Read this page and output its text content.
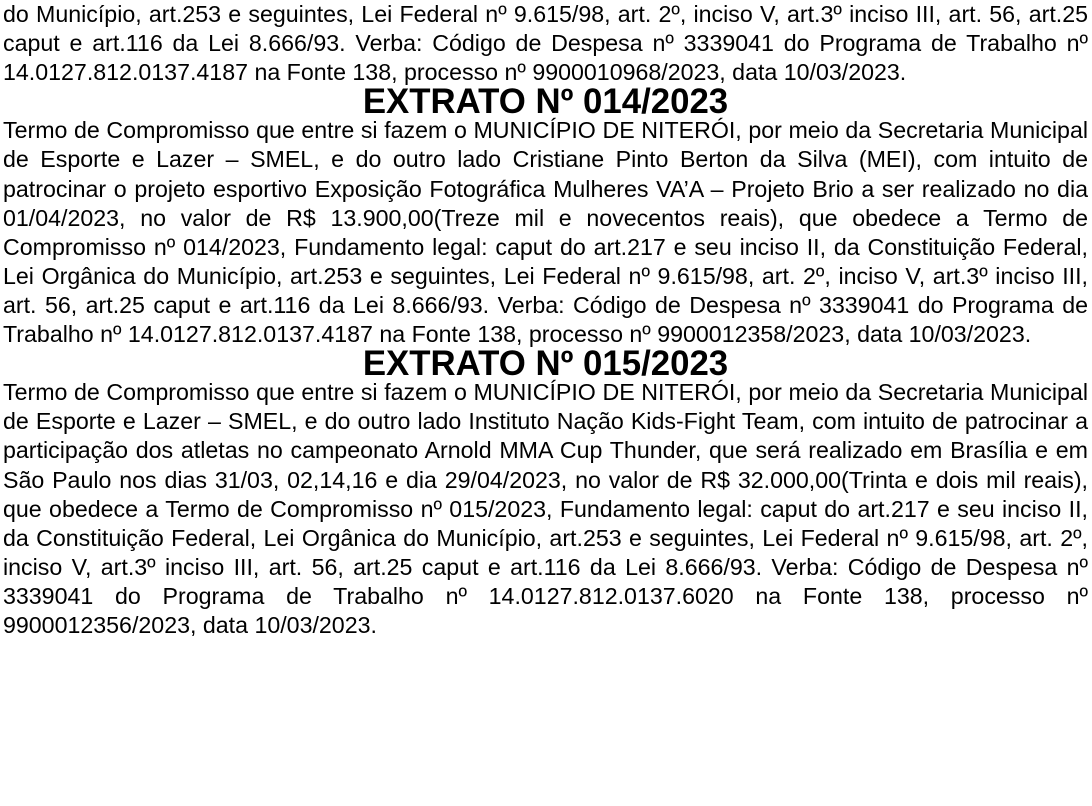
do Município, art.253 e seguintes, Lei Federal nº 9.615/98, art. 2º, inciso V, art.3º inciso III, art. 56, art.25 caput e art.116 da Lei 8.666/93. Verba: Código de Despesa nº 3339041 do Programa de Trabalho nº 14.0127.812.0137.4187 na Fonte 138, processo nº 9900010968/2023, data 10/03/2023.

EXTRATO Nº 014/2023

Termo de Compromisso que entre si fazem o MUNICÍPIO DE NITERÓI, por meio da Secretaria Municipal de Esporte e Lazer – SMEL, e do outro lado Cristiane Pinto Berton da Silva (MEI), com intuito de patrocinar o projeto esportivo Exposição Fotográfica Mulheres VA’A – Projeto Brio a ser realizado no dia 01/04/2023, no valor de R$ 13.900,00(Treze mil e novecentos reais), que obedece a Termo de Compromisso nº 014/2023, Fundamento legal: caput do art.217 e seu inciso II, da Constituição Federal, Lei Orgânica do Município, art.253 e seguintes, Lei Federal nº 9.615/98, art. 2º, inciso V, art.3º inciso III, art. 56, art.25 caput e art.116 da Lei 8.666/93. Verba: Código de Despesa nº 3339041 do Programa de Trabalho nº 14.0127.812.0137.4187 na Fonte 138, processo nº 9900012358/2023, data 10/03/2023.

EXTRATO Nº 015/2023

Termo de Compromisso que entre si fazem o MUNICÍPIO DE NITERÓI, por meio da Secretaria Municipal de Esporte e Lazer – SMEL, e do outro lado Instituto Nação Kids-Fight Team, com intuito de patrocinar a participação dos atletas no campeonato Arnold MMA Cup Thunder, que será realizado em Brasília e em São Paulo nos dias 31/03, 02,14,16 e dia 29/04/2023, no valor de R$ 32.000,00(Trinta e dois mil reais), que obedece a Termo de Compromisso nº 015/2023, Fundamento legal: caput do art.217 e seu inciso II, da Constituição Federal, Lei Orgânica do Município, art.253 e seguintes, Lei Federal nº 9.615/98, art. 2º, inciso V, art.3º inciso III, art. 56, art.25 caput e art.116 da Lei 8.666/93. Verba: Código de Despesa nº 3339041 do Programa de Trabalho nº 14.0127.812.0137.6020 na Fonte 138, processo nº 9900012356/2023, data 10/03/2023.
